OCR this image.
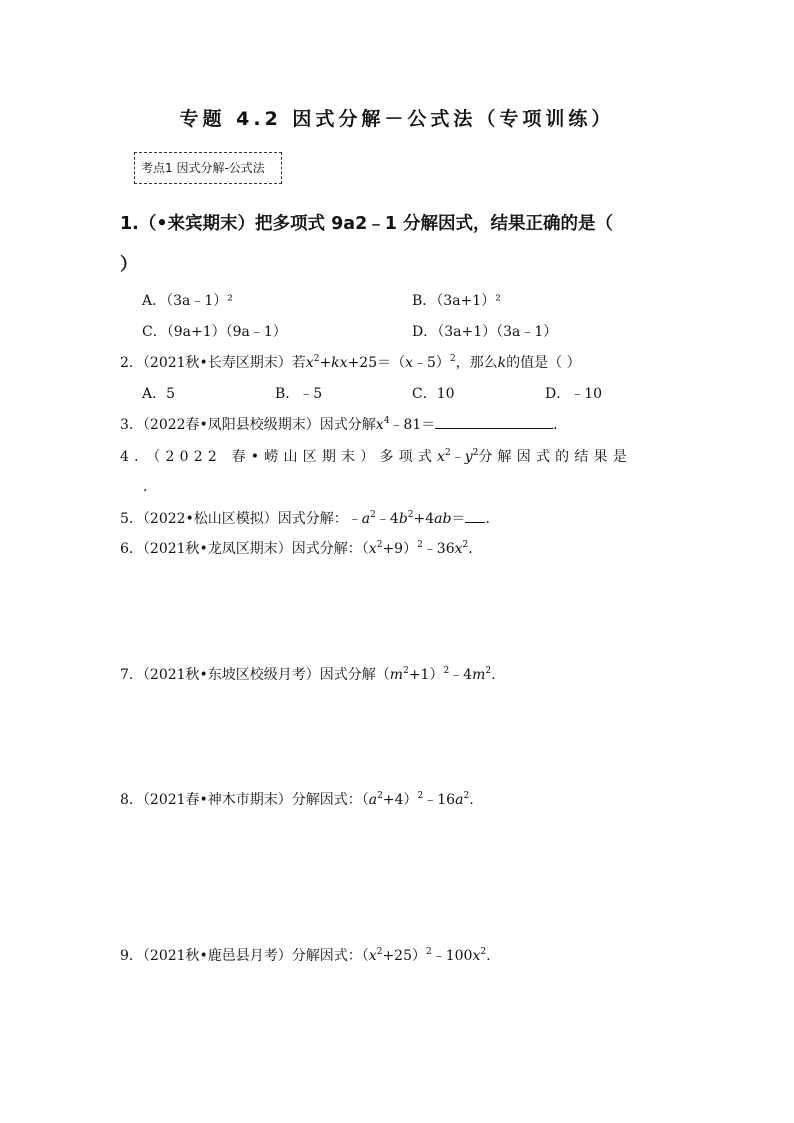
专题 4.2 因式分解－公式法（专项训练）
考点1 因式分解-公式法
1.（•来宾期末）把多项式 9a2﹣1 分解因式，结果正确的是（
）
A．（3a﹣1）²	B．（3a+1）²
C．（9a+1）（9a﹣1）	D．（3a+1）（3a﹣1）
2．（2021秋•长寿区期末）若$x^2+kx+25=(x﹣5)^2$，那么k的值是（ ）
A．5	B．﹣5	C．10	D．﹣10
3．（2022春•凤阳县校级期末）因式分解$x^4﹣81=$	．
4．（2022 春•崂山区期末）多项式$x^2﹣y^2$分解因式的结果是
．
5．（2022•松山区模拟）因式分解：$﹣a^2﹣4b^2+4ab=$ ．
6．（2021秋•龙凤区期末）因式分解：$(x^2+9)^2﹣36x^2$.
7．（2021秋•东坡区校级月考）因式分解$(m^2+1)^2﹣4m^2$.
8．（2021春•神木市期末）分解因式：$(a^2+4)^2﹣16a^2$.
9．（2021秋•鹿邑县月考）分解因式：$(x^2+25)^2﹣100x^2$.
